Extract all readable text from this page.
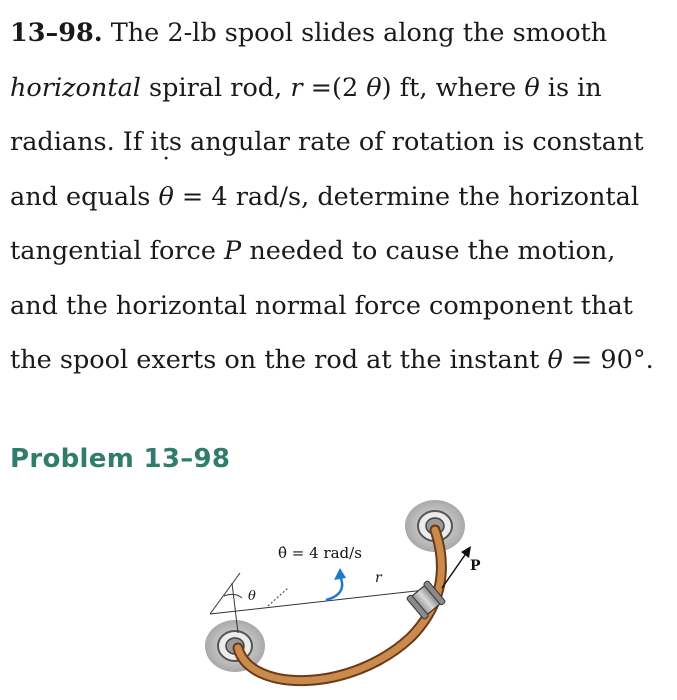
13–98. The 2-lb spool slides along the smooth
horizontal spiral rod, r =(2 θ) ft, where θ is in
radians. If its angular rate of rotation is constant
and equals
˙
θ = 4 rad/s, determine the horizontal
tangential force P needed to cause the motion,
and the horizontal normal force component that
the spool exerts on the rod at the instant θ = 90°.
Problem 13–98
θ̇ = 4 rad/s
r
θ
P
